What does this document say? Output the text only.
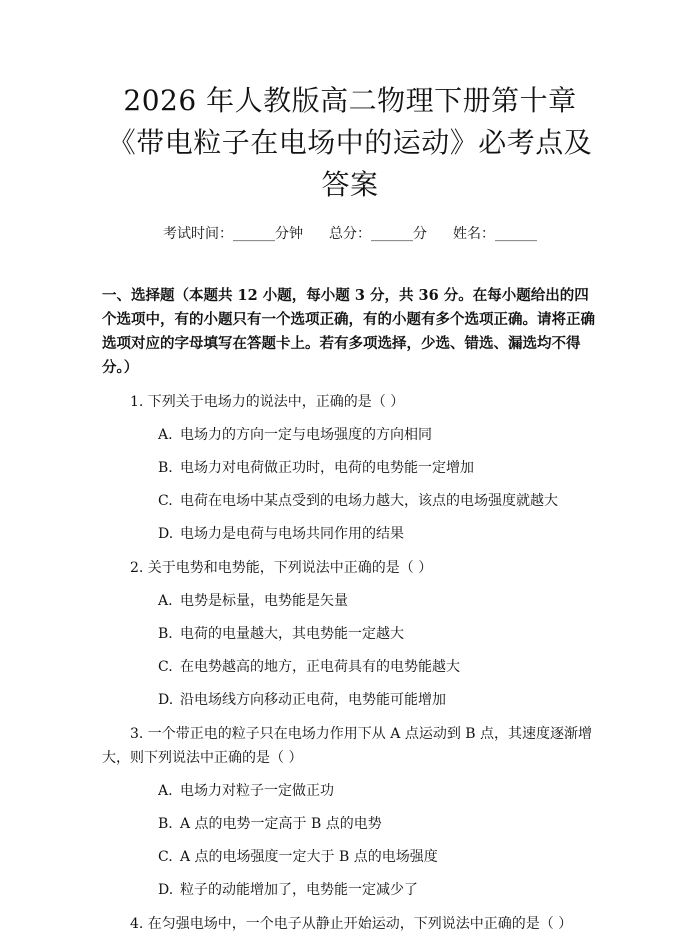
2026 年人教版高二物理下册第十章《带电粒子在电场中的运动》必考点及答案
考试时间：______分钟 总分：______分 姓名：______
一、选择题（本题共 12 小题，每小题 3 分，共 36 分。在每小题给出的四个选项中，有的小题只有一个选项正确，有的小题有多个选项正确。请将正确选项对应的字母填写在答题卡上。若有多项选择，少选、错选、漏选均不得分。）
1. 下列关于电场力的说法中，正确的是（ ）
A. 电场力的方向一定与电场强度的方向相同
B. 电场力对电荷做正功时，电荷的电势能一定增加
C. 电荷在电场中某点受到的电场力越大，该点的电场强度就越大
D. 电场力是电荷与电场共同作用的结果
2. 关于电势和电势能，下列说法中正确的是（ ）
A. 电势是标量，电势能是矢量
B. 电荷的电量越大，其电势能一定越大
C. 在电势越高的地方，正电荷具有的电势能越大
D. 沿电场线方向移动正电荷，电势能可能增加
3. 一个带正电的粒子只在电场力作用下从 A 点运动到 B 点，其速度逐渐增大，则下列说法中正确的是（ ）
A. 电场力对粒子一定做正功
B. A 点的电势一定高于 B 点的电势
C. A 点的电场强度一定大于 B 点的电场强度
D. 粒子的动能增加了，电势能一定减少了
4. 在匀强电场中，一个电子从静止开始运动，下列说法中正确的是（ ）
